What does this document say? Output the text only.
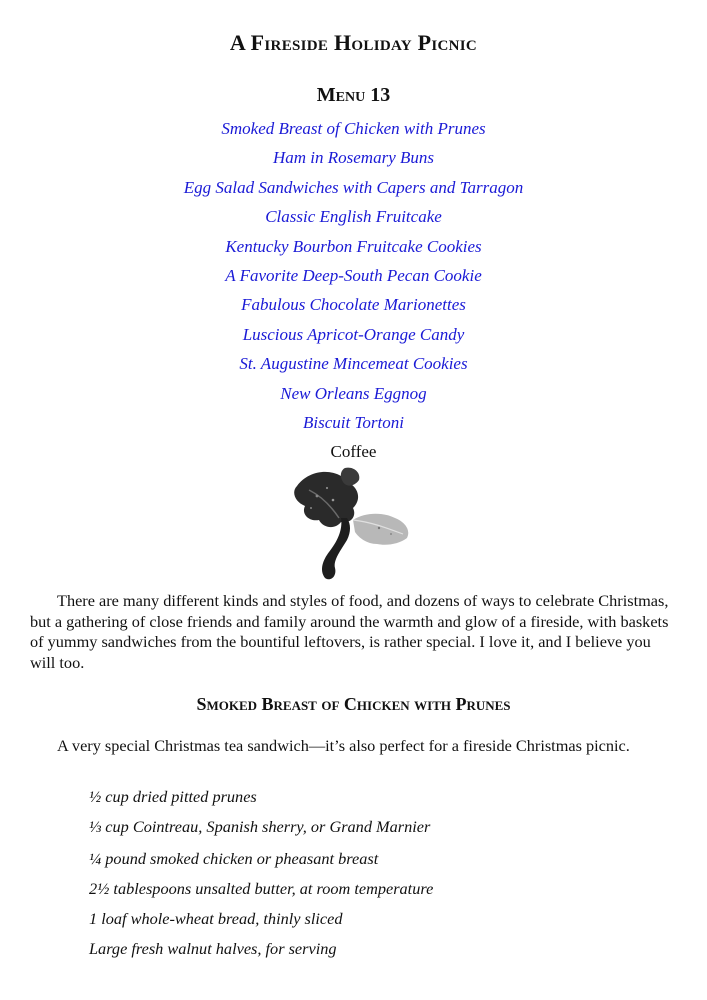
A Fireside Holiday Picnic
Menu 13
Smoked Breast of Chicken with Prunes
Ham in Rosemary Buns
Egg Salad Sandwiches with Capers and Tarragon
Classic English Fruitcake
Kentucky Bourbon Fruitcake Cookies
A Favorite Deep-South Pecan Cookie
Fabulous Chocolate Marionettes
Luscious Apricot-Orange Candy
St. Augustine Mincemeat Cookies
New Orleans Eggnog
Biscuit Tortoni
Coffee

There are many different kinds and styles of food, and dozens of ways to celebrate Christmas, but a gathering of close friends and family around the warmth and glow of a fireside, with baskets of yummy sandwiches from the bountiful leftovers, is rather special. I love it, and I believe you will too.

Smoked Breast of Chicken with Prunes

A very special Christmas tea sandwich—it’s also perfect for a fireside Christmas picnic.

½ cup dried pitted prunes
⅓ cup Cointreau, Spanish sherry, or Grand Marnier
¼ pound smoked chicken or pheasant breast
2½ tablespoons unsalted butter, at room temperature
1 loaf whole-wheat bread, thinly sliced
Large fresh walnut halves, for serving
